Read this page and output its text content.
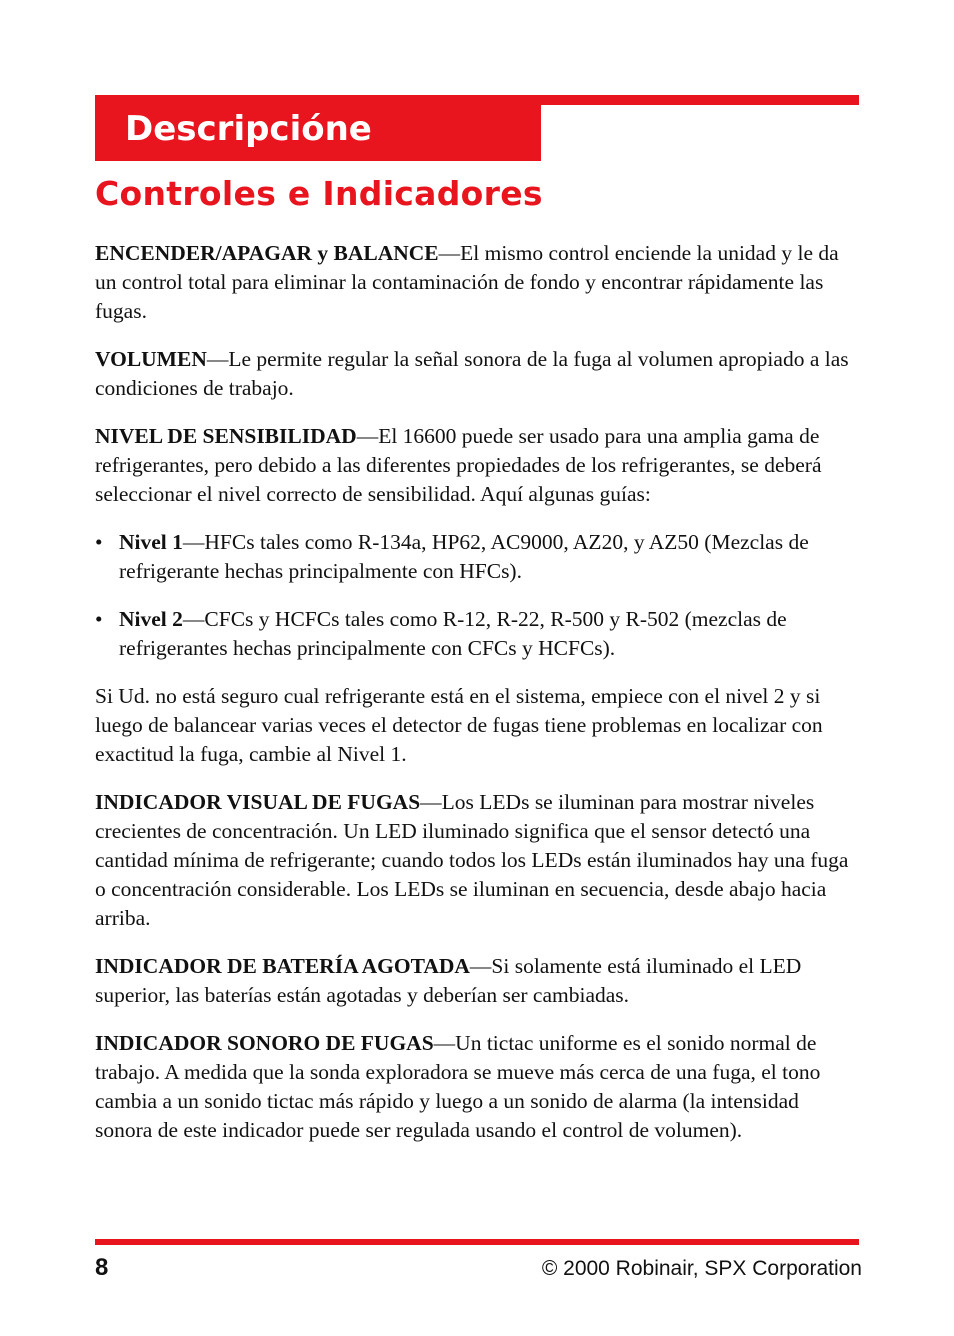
Descripcióne
Controles e Indicadores

ENCENDER/APAGAR y BALANCE—El mismo control enciende la unidad y le da un control total para eliminar la contaminación de fondo y encontrar rápidamente las fugas.

VOLUMEN—Le permite regular la señal sonora de la fuga al volumen apropiado a las condiciones de trabajo.

NIVEL DE SENSIBILIDAD—El 16600 puede ser usado para una amplia gama de refrigerantes, pero debido a las diferentes propiedades de los refrigerantes, se deberá seleccionar el nivel correcto de sensibilidad. Aquí algunas guías:

• Nivel 1—HFCs tales como R-134a, HP62, AC9000, AZ20, y AZ50 (Mezclas de refrigerante hechas principalmente con HFCs).
• Nivel 2—CFCs y HCFCs tales como R-12, R-22, R-500 y R-502 (mezclas de refrigerantes hechas principalmente con CFCs y HCFCs).

Si Ud. no está seguro cual refrigerante está en el sistema, empiece con el nivel 2 y si luego de balancear varias veces el detector de fugas tiene problemas en localizar con exactitud la fuga, cambie al Nivel 1.

INDICADOR VISUAL DE FUGAS—Los LEDs se iluminan para mostrar niveles crecientes de concentración. Un LED iluminado significa que el sensor detectó una cantidad mínima de refrigerante; cuando todos los LEDs están iluminados hay una fuga o concentración considerable. Los LEDs se iluminan en secuencia, desde abajo hacia arriba.

INDICADOR DE BATERÍA AGOTADA—Si solamente está iluminado el LED superior, las baterías están agotadas y deberían ser cambiadas.

INDICADOR SONORO DE FUGAS—Un tictac uniforme es el sonido normal de trabajo. A medida que la sonda exploradora se mueve más cerca de una fuga, el tono cambia a un sonido tictac más rápido y luego a un sonido de alarma (la intensidad sonora de este indicador puede ser regulada usando el control de volumen).

8	© 2000 Robinair, SPX Corporation
